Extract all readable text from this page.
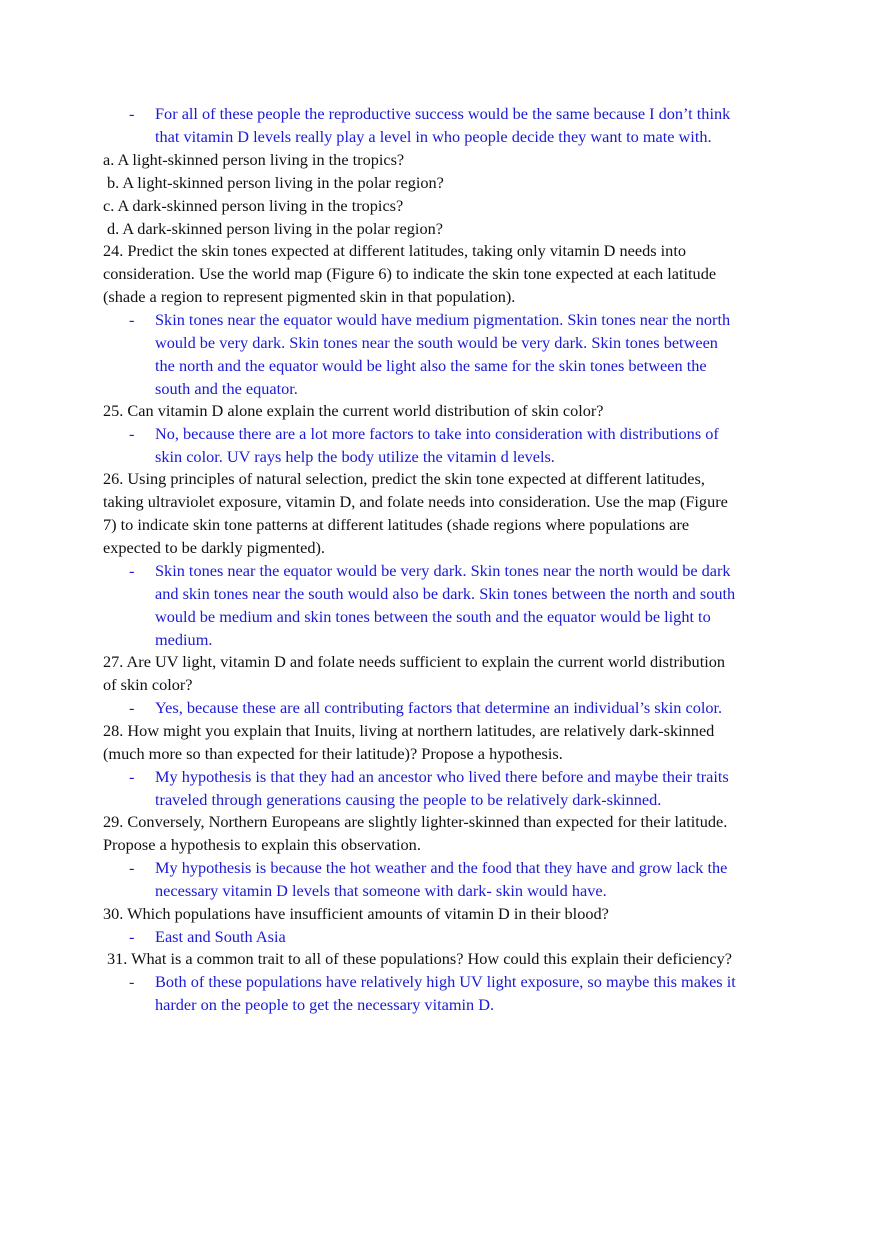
- For all of these people the reproductive success would be the same because I don’t think
that vitamin D levels really play a level in who people decide they want to mate with.
a. A light-skinned person living in the tropics?
b. A light-skinned person living in the polar region?
c. A dark-skinned person living in the tropics?
d. A dark-skinned person living in the polar region?
24. Predict the skin tones expected at different latitudes, taking only vitamin D needs into
consideration. Use the world map (Figure 6) to indicate the skin tone expected at each latitude
(shade a region to represent pigmented skin in that population).
- Skin tones near the equator would have medium pigmentation. Skin tones near the north
would be very dark. Skin tones near the south would be very dark. Skin tones between
the north and the equator would be light also the same for the skin tones between the
south and the equator.
25. Can vitamin D alone explain the current world distribution of skin color?
- No, because there are a lot more factors to take into consideration with distributions of
skin color. UV rays help the body utilize the vitamin d levels.
26. Using principles of natural selection, predict the skin tone expected at different latitudes,
taking ultraviolet exposure, vitamin D, and folate needs into consideration. Use the map (Figure
7) to indicate skin tone patterns at different latitudes (shade regions where populations are
expected to be darkly pigmented).
- Skin tones near the equator would be very dark. Skin tones near the north would be dark
and skin tones near the south would also be dark. Skin tones between the north and south
would be medium and skin tones between the south and the equator would be light to
medium.
27. Are UV light, vitamin D and folate needs sufficient to explain the current world distribution
of skin color?
- Yes, because these are all contributing factors that determine an individual’s skin color.
28. How might you explain that Inuits, living at northern latitudes, are relatively dark-skinned
(much more so than expected for their latitude)? Propose a hypothesis.
- My hypothesis is that they had an ancestor who lived there before and maybe their traits
traveled through generations causing the people to be relatively dark-skinned.
29. Conversely, Northern Europeans are slightly lighter-skinned than expected for their latitude.
Propose a hypothesis to explain this observation.
- My hypothesis is because the hot weather and the food that they have and grow lack the
necessary vitamin D levels that someone with dark- skin would have.
30. Which populations have insufficient amounts of vitamin D in their blood?
- East and South Asia
31. What is a common trait to all of these populations? How could this explain their deficiency?
- Both of these populations have relatively high UV light exposure, so maybe this makes it
harder on the people to get the necessary vitamin D.
